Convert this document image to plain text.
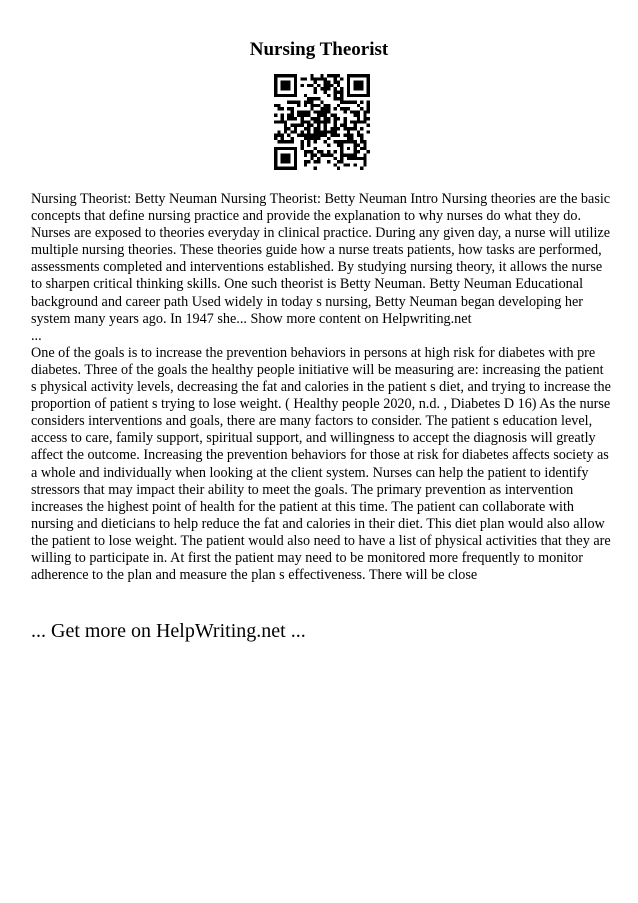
Nursing Theorist

Nursing Theorist: Betty Neuman Nursing Theorist: Betty Neuman Intro Nursing theories are the basic concepts that define nursing practice and provide the explanation to why nurses do what they do. Nurses are exposed to theories everyday in clinical practice. During any given day, a nurse will utilize multiple nursing theories. These theories guide how a nurse treats patients, how tasks are performed, assessments completed and interventions established. By studying nursing theory, it allows the nurse to sharpen critical thinking skills. One such theorist is Betty Neuman. Betty Neuman Educational background and career path Used widely in today s nursing, Betty Neuman began developing her system many years ago. In 1947 she... Show more content on Helpwriting.net

...

One of the goals is to increase the prevention behaviors in persons at high risk for diabetes with pre diabetes. Three of the goals the healthy people initiative will be measuring are: increasing the patient s physical activity levels, decreasing the fat and calories in the patient s diet, and trying to increase the proportion of patient s trying to lose weight. ( Healthy people 2020, n.d. , Diabetes D 16) As the nurse considers interventions and goals, there are many factors to consider. The patient s education level, access to care, family support, spiritual support, and willingness to accept the diagnosis will greatly affect the outcome. Increasing the prevention behaviors for those at risk for diabetes affects society as a whole and individually when looking at the client system. Nurses can help the patient to identify stressors that may impact their ability to meet the goals. The primary prevention as intervention increases the highest point of health for the patient at this time. The patient can collaborate with nursing and dieticians to help reduce the fat and calories in their diet. This diet plan would also allow the patient to lose weight. The patient would also need to have a list of physical activities that they are willing to participate in. At first the patient may need to be monitored more frequently to monitor adherence to the plan and measure the plan s effectiveness. There will be close

... Get more on HelpWriting.net ...
